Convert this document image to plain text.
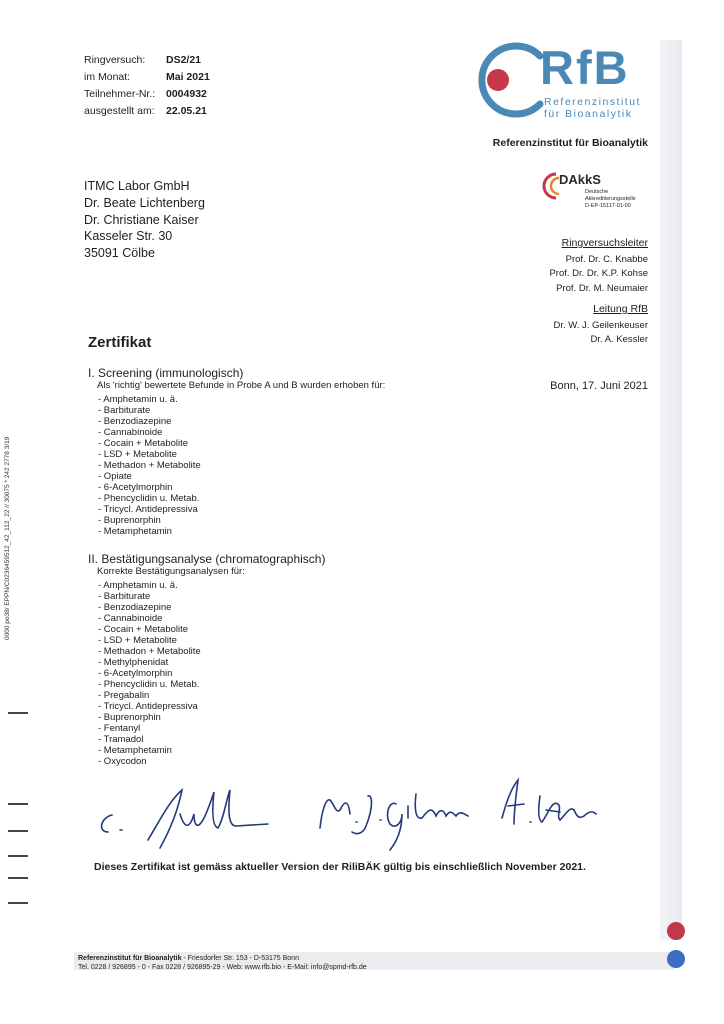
Ringversuch:	DS2/21
im Monat:	Mai 2021
Teilnehmer-Nr.:	0004932
ausgestellt am:	22.05.21
RfB
Referenzinstitut
für Bioanalytik
Referenzinstitut für Bioanalytik
ITMC Labor GmbH
Dr. Beate Lichtenberg
Dr. Christiane Kaiser
Kasseler Str. 30
35091 Cölbe
DAkkS
Deutsche
Akkreditierungsstelle
D-EP-15117-01-00
Ringversuchsleiter
Prof. Dr. C. Knabbe
Prof. Dr. Dr. K.P. Kohse
Prof. Dr. M. Neumaier
Leitung RfB
Dr. W. J. Geilenkeuser
Dr. A. Kessler
Zertifikat
Bonn, 17. Juni 2021
I. Screening (immunologisch)
Als 'richtig' bewertete Befunde in Probe A und B wurden erhoben für:
- Amphetamin u. ä.
- Barbiturate
- Benzodiazepine
- Cannabinoide
- Cocain + Metabolite
- LSD + Metabolite
- Methadon + Metabolite
- Opiate
- 6-Acetylmorphin
- Phencyclidin u. Metab.
- Tricycl. Antidepressiva
- Buprenorphin
- Metamphetamin
II. Bestätigungsanalyse (chromatographisch)
Korrekte Bestätigungsanalysen für:
- Amphetamin u. ä.
- Barbiturate
- Benzodiazepine
- Cannabinoide
- Cocain + Metabolite
- LSD + Metabolite
- Methadon + Metabolite
- Methylphenidat
- 6-Acetylmorphin
- Phencyclidin u. Metab.
- Pregabalin
- Tricycl. Antidepressiva
- Buprenorphin
- Fentanyl
- Tramadol
- Metamphetamin
- Oxycodon
Dieses Zertifikat ist gemäss aktueller Version der RiliBÄK gültig bis einschließlich November 2021.
Referenzinstitut für Bioanalytik - Friesdorfer Str. 153 - D-53175 Bonn
Tel. 0228 / 926895 - 0 - Fax 0228 / 926895-29 - Web: www.rfb.bio - E-Mail: info@spmd-rfb.de
0000 po38/ EPPN/C0236459512_42_112_22 // 30075 * 242 2778 3/19
